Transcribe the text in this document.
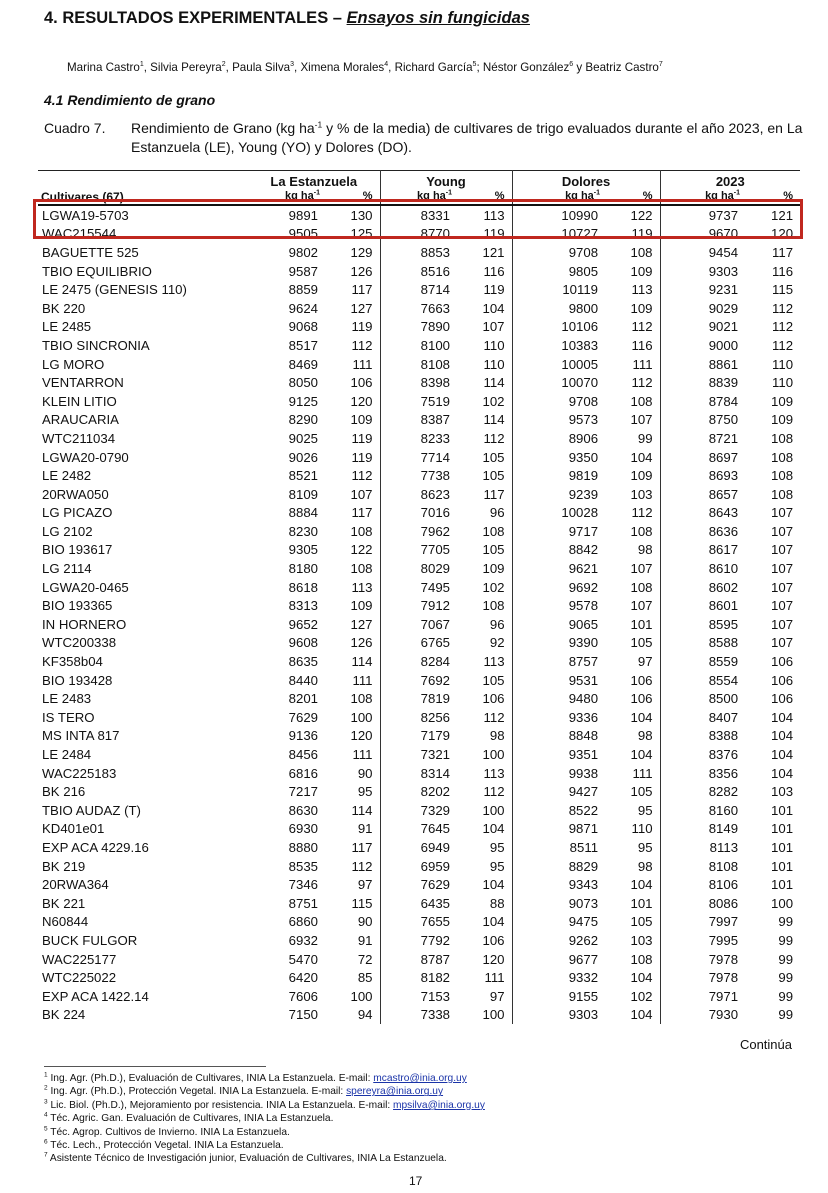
4. RESULTADOS EXPERIMENTALES – Ensayos sin fungicidas
Marina Castro$^1$, Silvia Pereyra$^2$, Paula Silva$^3$, Ximena Morales$^4$, Richard García$^5$; Néstor González$^6$ y Beatriz Castro$^7$
4.1 Rendimiento de grano
Cuadro 7. Rendimiento de Grano (kg $ha^{-1}$ y % de la media) de cultivares de trigo evaluados durante el año 2023, en La Estanzuela (LE), Young (YO) y Dolores (DO).
Cultivares (67)	La Estanzuela		Young		Dolores		2023	
	kg $ha^{-1}$	%	kg $ha^{-1}$	%	kg $ha^{-1}$	%	kg $ha^{-1}$	%
LGWA19-5703	9891	130	8331	113	10990	122	9737	121
WAC215544	9505	125	8770	119	10727	119	9670	120
BAGUETTE 525	9802	129	8853	121	9708	108	9454	117
TBIO EQUILIBRIO	9587	126	8516	116	9805	109	9303	116
LE 2475 (GENESIS 110)	8859	117	8714	119	10119	113	9231	115
BK 220	9624	127	7663	104	9800	109	9029	112
LE 2485	9068	119	7890	107	10106	112	9021	112
TBIO SINCRONIA	8517	112	8100	110	10383	116	9000	112
LG MORO	8469	111	8108	110	10005	111	8861	110
VENTARRON	8050	106	8398	114	10070	112	8839	110
KLEIN LITIO	9125	120	7519	102	9708	108	8784	109
ARAUCARIA	8290	109	8387	114	9573	107	8750	109
WTC211034	9025	119	8233	112	8906	99	8721	108
LGWA20-0790	9026	119	7714	105	9350	104	8697	108
LE 2482	8521	112	7738	105	9819	109	8693	108
20RWA050	8109	107	8623	117	9239	103	8657	108
LG PICAZO	8884	117	7016	96	10028	112	8643	107
LG 2102	8230	108	7962	108	9717	108	8636	107
BIO 193617	9305	122	7705	105	8842	98	8617	107
LG 2114	8180	108	8029	109	9621	107	8610	107
LGWA20-0465	8618	113	7495	102	9692	108	8602	107
BIO 193365	8313	109	7912	108	9578	107	8601	107
IN HORNERO	9652	127	7067	96	9065	101	8595	107
WTC200338	9608	126	6765	92	9390	105	8588	107
KF358b04	8635	114	8284	113	8757	97	8559	106
BIO 193428	8440	111	7692	105	9531	106	8554	106
LE 2483	8201	108	7819	106	9480	106	8500	106
IS TERO	7629	100	8256	112	9336	104	8407	104
MS INTA 817	9136	120	7179	98	8848	98	8388	104
LE 2484	8456	111	7321	100	9351	104	8376	104
WAC225183	6816	90	8314	113	9938	111	8356	104
BK 216	7217	95	8202	112	9427	105	8282	103
TBIO AUDAZ (T)	8630	114	7329	100	8522	95	8160	101
KD401e01	6930	91	7645	104	9871	110	8149	101
EXP ACA 4229.16	8880	117	6949	95	8511	95	8113	101
BK 219	8535	112	6959	95	8829	98	8108	101
20RWA364	7346	97	7629	104	9343	104	8106	101
BK 221	8751	115	6435	88	9073	101	8086	100
N60844	6860	90	7655	104	9475	105	7997	99
BUCK FULGOR	6932	91	7792	106	9262	103	7995	99
WAC225177	5470	72	8787	120	9677	108	7978	99
WTC225022	6420	85	8182	111	9332	104	7978	99
EXP ACA 1422.14	7606	100	7153	97	9155	102	7971	99
BK 224	7150	94	7338	100	9303	104	7930	99
Continúa
$^1$ Ing. Agr. (Ph.D.), Evaluación de Cultivares, INIA La Estanzuela. E-mail: mcastro@inia.org.uy
$^2$ Ing. Agr. (Ph.D.), Protección Vegetal. INIA La Estanzuela. E-mail: spereyra@inia.org.uy
$^3$ Lic. Biol. (Ph.D.), Mejoramiento por resistencia. INIA La Estanzuela. E-mail: mpsilva@inia.org.uy
$^4$ Téc. Agric. Gan. Evaluación de Cultivares, INIA La Estanzuela.
$^5$ Téc. Agrop. Cultivos de Invierno. INIA La Estanzuela.
$^6$ Téc. Lech., Protección Vegetal. INIA La Estanzuela.
$^7$ Asistente Técnico de Investigación junior, Evaluación de Cultivares, INIA La Estanzuela.
17
